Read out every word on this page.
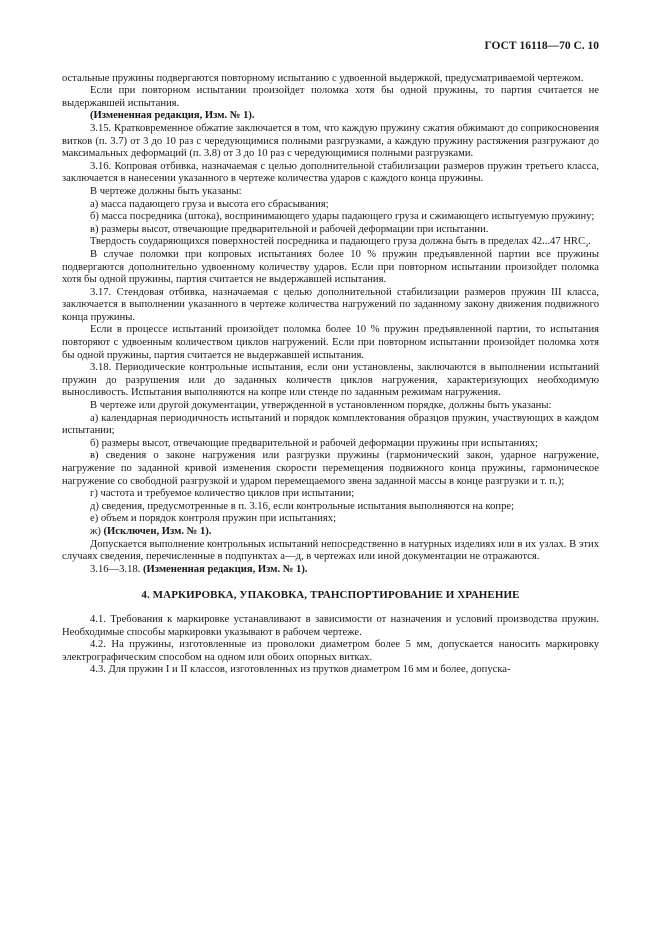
ГОСТ 16118—70 С. 10

остальные пружины подвергаются повторному испытанию с удвоенной выдержкой, предусматриваемой чертежом.

Если при повторном испытании произойдет поломка хотя бы одной пружины, то партия считается не выдержавшей испытания.

(Измененная редакция, Изм. № 1).

3.15. Кратковременное обжатие заключается в том, что каждую пружину сжатия обжимают до соприкосновения витков (п. 3.7) от 3 до 10 раз с чередующимися полными разгрузками, а каждую пружину растяжения разгружают до максимальных деформаций (п. 3.8) от 3 до 10 раз с чередующимися полными разгрузками.

3.16. Копровая отбивка, назначаемая с целью дополнительной стабилизации размеров пружин третьего класса, заключается в нанесении указанного в чертеже количества ударов с каждого конца пружины.

В чертеже должны быть указаны:

а) масса падающего груза и высота его сбрасывания;

б) масса посредника (штока), воспринимающего удары падающего груза и сжимающего испытуемую пружину;

в) размеры высот, отвечающие предварительной и рабочей деформации при испытании.

Твердость соударяющихся поверхностей посредника и падающего груза должна быть в пределах 42...47 $HRC_э$.

В случае поломки при копровых испытаниях более 10 % пружин предъявленной партии все пружины подвергаются дополнительно удвоенному количеству ударов. Если при повторном испытании произойдет поломка хотя бы одной пружины, партия считается не выдержавшей испытания.

3.17. Стендовая отбивка, назначаемая с целью дополнительной стабилизации размеров пружин III класса, заключается в выполнении указанного в чертеже количества нагружений по заданному закону движения подвижного конца пружины.

Если в процессе испытаний произойдет поломка более 10 % пружин предъявленной партии, то испытания повторяют с удвоенным количеством циклов нагружений. Если при повторном испытании произойдет поломка хотя бы одной пружины, партия считается не выдержавшей испытания.

3.18. Периодические контрольные испытания, если они установлены, заключаются в выполнении испытаний пружин до разрушения или до заданных количеств циклов нагружения, характеризующих необходимую выносливость. Испытания выполняются на копре или стенде по заданным режимам нагружения.

В чертеже или другой документации, утвержденной в установленном порядке, должны быть указаны:

а) календарная периодичность испытаний и порядок комплектования образцов пружин, участвующих в каждом испытании;

б) размеры высот, отвечающие предварительной и рабочей деформации пружины при испытаниях;

в) сведения о законе нагружения или разгрузки пружины (гармонический закон, ударное нагружение, нагружение по заданной кривой изменения скорости перемещения подвижного конца пружины, гармоническое нагружение со свободной разгрузкой и ударом перемещаемого звена заданной массы в конце разгрузки и т. п.);

г) частота и требуемое количество циклов при испытании;

д) сведения, предусмотренные в п. 3.16, если контрольные испытания выполняются на копре;

е) объем и порядок контроля пружин при испытаниях;

ж) (Исключен, Изм. № 1).

Допускается выполнение контрольных испытаний непосредственно в натурных изделиях или в их узлах. В этих случаях сведения, перечисленные в подпунктах а—д, в чертежах или иной документации не отражаются.

3.16—3.18. (Измененная редакция, Изм. № 1).

4. МАРКИРОВКА, УПАКОВКА, ТРАНСПОРТИРОВАНИЕ И ХРАНЕНИЕ

4.1. Требования к маркировке устанавливают в зависимости от назначения и условий производства пружин. Необходимые способы маркировки указывают в рабочем чертеже.

4.2. На пружины, изготовленные из проволоки диаметром более 5 мм, допускается наносить маркировку электрографическим способом на одном или обоих опорных витках.

4.3. Для пружин I и II классов, изготовленных из прутков диаметром 16 мм и более, допуска-
